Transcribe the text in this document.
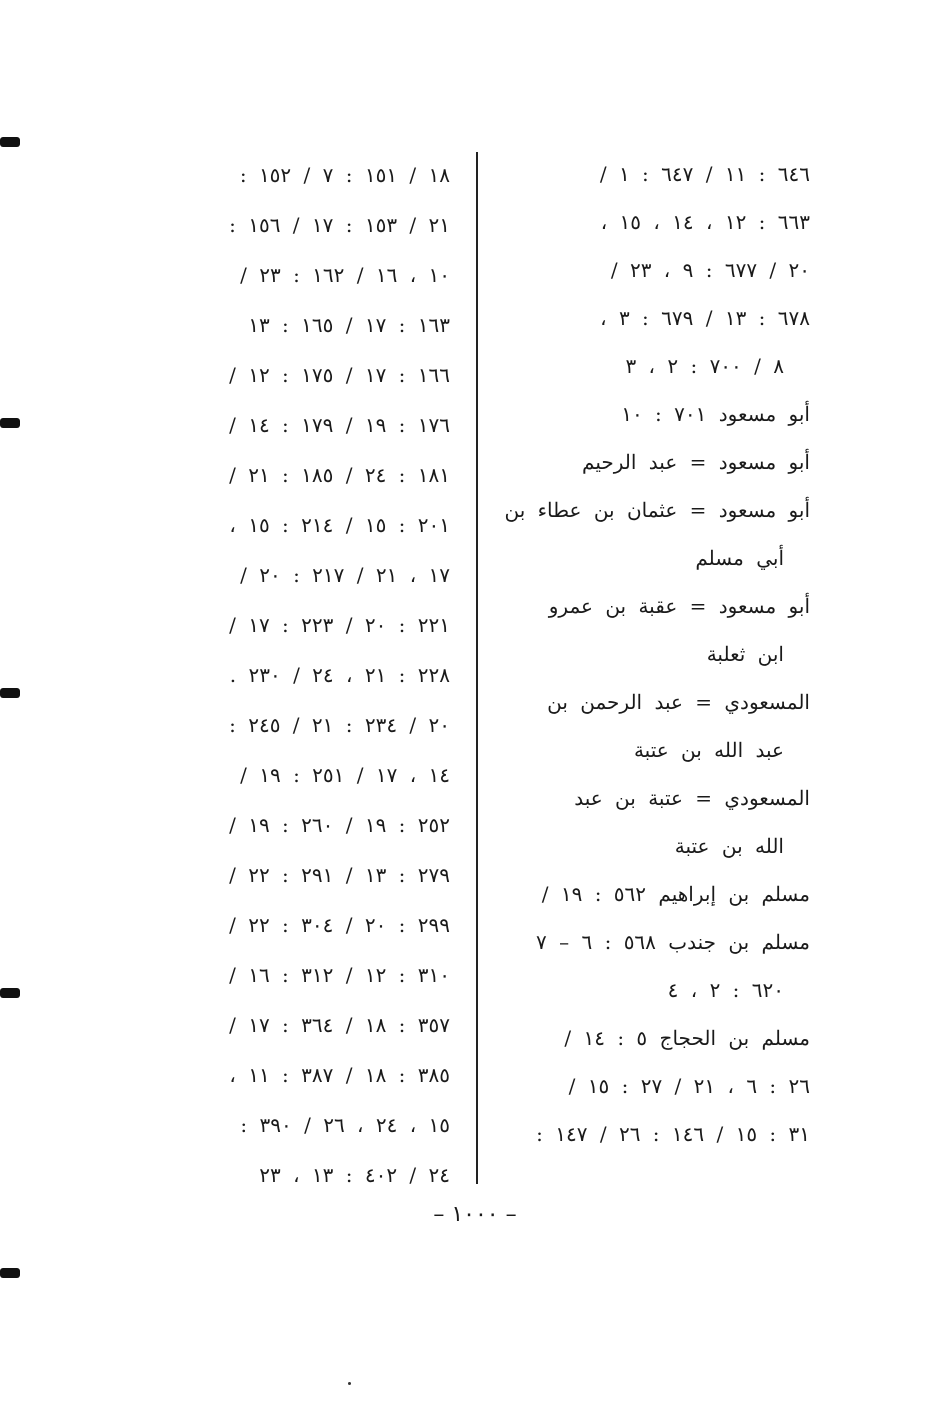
٦٤٦ : ١١ / ٦٤٧ : ١ /
٦٦٣ : ١٢ ، ١٤ ، ١٥ ،
٢٠ / ٦٧٧ : ٩ ، ٢٣ /
٦٧٨ : ١٣ / ٦٧٩ : ٣ ،
٨ / ٧٠٠ : ٢ ، ٣
أبو مسعود ٧٠١ : ١٠
أبو مسعود = عبد الرحيم
أبو مسعود = عثمان بن عطاء بن
أبي مسلم
أبو مسعود = عقبة بن عمرو
ابن ثعلبة
المسعودي = عبد الرحمن بن
عبد الله بن عتبة
المسعودي = عتبة بن عبد
الله بن عتبة
مسلم بن إبراهيم ٥٦٢ : ١٩ /
مسلم بن جندب ٥٦٨ : ٦ – ٧
٦٢٠ : ٢ ، ٤
مسلم بن الحجاج ٥ : ١٤ /
٢٦ : ٦ ، ٢١ / ٢٧ : ١٥ /
٣١ : ١٥ / ١٤٦ : ٢٦ / ١٤٧ :
١٨ / ١٥١ : ٧ / ١٥٢ :
٢١ / ١٥٣ : ١٧ / ١٥٦ :
١٠ ، ١٦ / ١٦٢ : ٢٣ /
١٦٣ : ١٧ / ١٦٥ : ١٣
١٦٦ : ١٧ / ١٧٥ : ١٢ /
١٧٦ : ١٩ / ١٧٩ : ١٤ /
١٨١ : ٢٤ / ١٨٥ : ٢١ /
٢٠١ : ١٥ / ٢١٤ : ١٥ ،
١٧ ، ٢١ / ٢١٧ : ٢٠ /
٢٢١ : ٢٠ / ٢٢٣ : ١٧ /
٢٢٨ : ٢١ ، ٢٤ / ٢٣٠ .
٢٠ / ٢٣٤ : ٢١ / ٢٤٥ :
١٤ ، ١٧ / ٢٥١ : ١٩ /
٢٥٢ : ١٩ / ٢٦٠ : ١٩ /
٢٧٩ : ١٣ / ٢٩١ : ٢٢ /
٢٩٩ : ٢٠ / ٣٠٤ : ٢٢ /
٣١٠ : ١٢ / ٣١٢ : ١٦ /
٣٥٧ : ١٨ / ٣٦٤ : ١٧ /
٣٨٥ : ١٨ / ٣٨٧ : ١١ ،
١٥ ، ٢٤ ، ٢٦ / ٣٩٠ :
٢٤ / ٤٠٢ : ١٣ ، ٢٣
– ١٠٠٠ –
